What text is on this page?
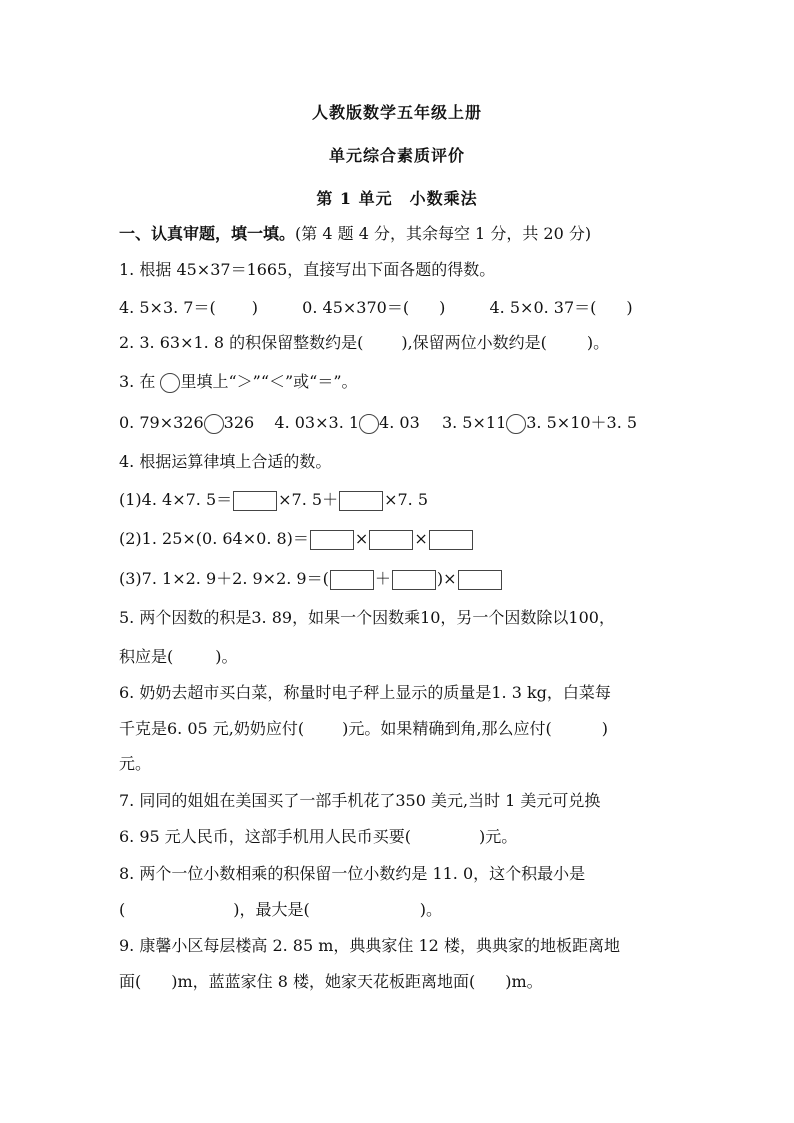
人教版数学五年级上册
单元综合素质评价
第 1 单元　小数乘法
一、认真审题，填一填。(第 4 题 4 分，其余每空 1 分，共 20 分)
1. 根据 45×37＝1665，直接写出下面各题的得数。
4. 5×3. 7＝( )	0. 45×370＝( )	4. 5×0. 37＝( )
2. 3. 63×1. 8 的积保留整数约是( ),保留两位小数约是(	)。
3. 在 里填上“＞”“＜”或“＝”。
0. 79×326 326 4. 03×3. 1 4. 03 3. 5×11 3. 5×10＋3. 5
4. 根据运算律填上合适的数。
(1)4. 4×7. 5＝	×7. 5＋	×7. 5
(2)1. 25×(0. 64×0. 8)＝	×	×
(3)7. 1×2. 9＋2. 9×2. 9＝(	＋	)×
5. 两个因数的积是3. 89，如果一个因数乘10，另一个因数除以100，
积应是(	)。
6. 奶奶去超市买白菜，称量时电子秤上显示的质量是1. 3 kg，白菜每
千克是6. 05 元,奶奶应付( )元。如果精确到角,那么应付(	)
元。
7. 同同的姐姐在美国买了一部手机花了350 美元,当时 1 美元可兑换
6. 95 元人民币，这部手机用人民币买要(	)元。
8. 两个一位小数相乘的积保留一位小数约是 11. 0，这个积最小是
(	)，最大是(	)。
9. 康馨小区每层楼高 2. 85 m，典典家住 12 楼，典典家的地板距离地
面( )m，蓝蓝家住 8 楼，她家天花板距离地面( )m。
